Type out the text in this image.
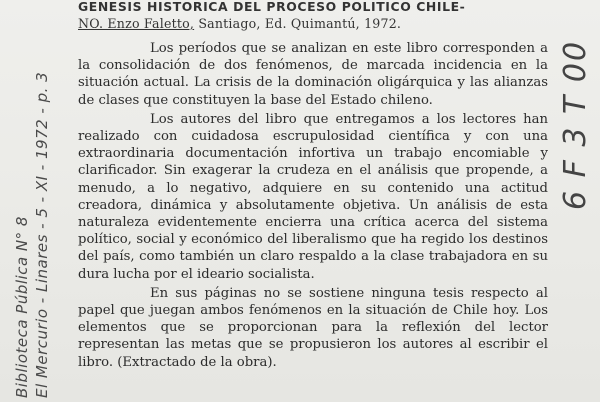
Biblioteca Pública N° 8 El Mercurio - Linares - 5 - XI - 1972 - p. 3
GENESIS HISTORICA DEL PROCESO POLITICO CHILE-
NO. Enzo Faletto, Santiago, Ed. Quimantú, 1972.

Los períodos que se analizan en este libro corresponden a la consolidación de dos fenómenos, de marcada incidencia en la situación actual. La crisis de la dominación oligárquica y las alianzas de clases que constituyen la base del Estado chileno.

Los autores del libro que entregamos a los lectores han realizado con cuidadosa escrupulosidad científica y con una extraordinaria documentación infortiva un trabajo encomiable y clarificador. Sin exagerar la crudeza en el análisis que propende, a menudo, a lo negativo, adquiere en su contenido una actitud creadora, dinámica y absolutamente objetiva. Un análisis de esta naturaleza evidentemente encierra una crítica acerca del sistema político, social y económico del liberalismo que ha regido los destinos del país, como también un claro respaldo a la clase trabajadora en su dura lucha por el ideario socialista.

En sus páginas no se sostiene ninguna tesis respecto al papel que juegan ambos fenómenos en la situación de Chile hoy. Los elementos que se proporcionan para la reflexión del lector representan las metas que se propusieron los autores al escribir el libro. (Extractado de la obra).

6 F 3 T 00
